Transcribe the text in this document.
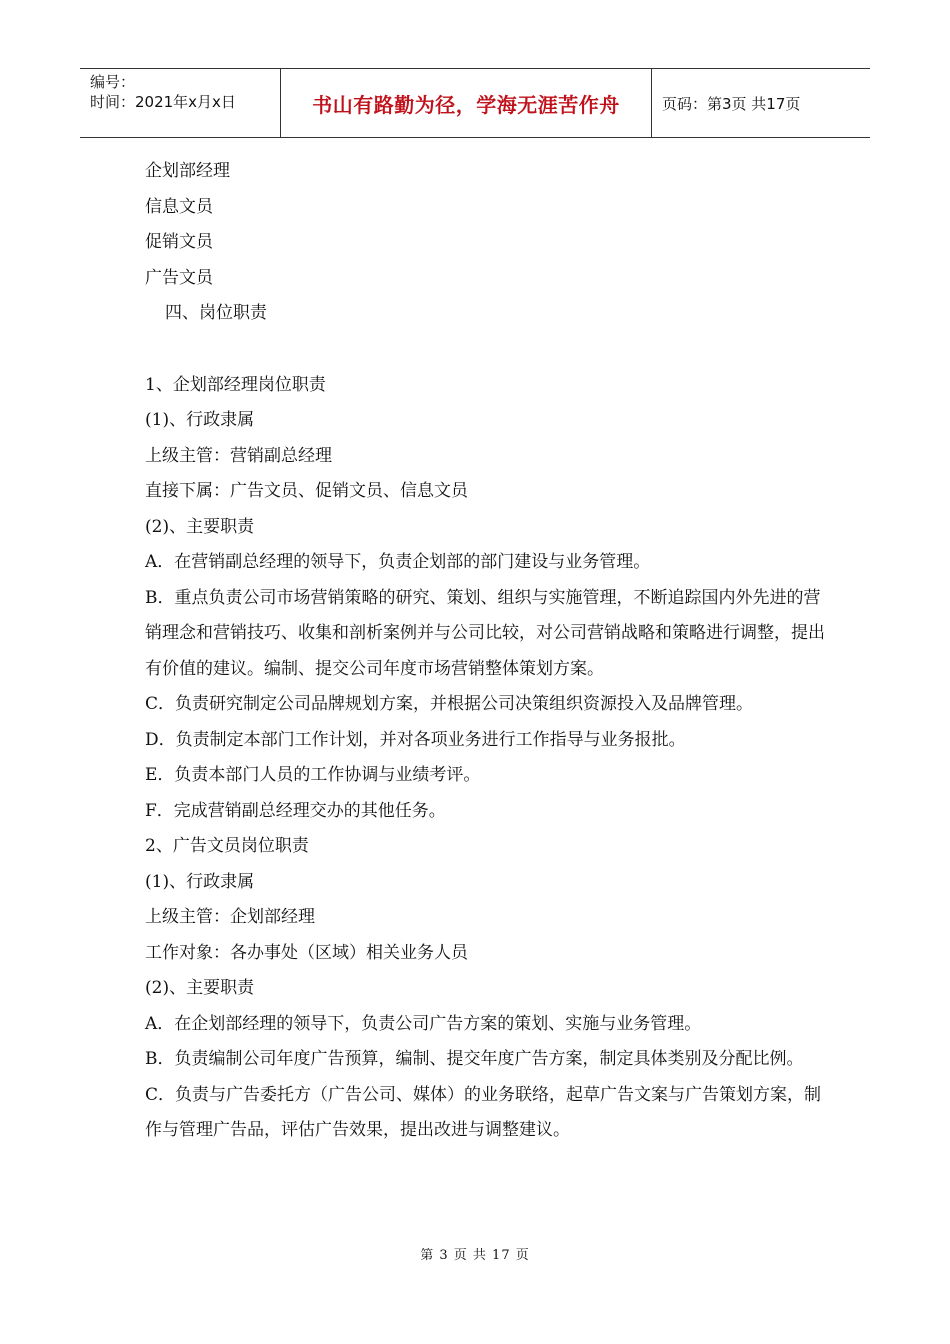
编号：
时间：2021年x月x日	书山有路勤为径，学海无涯苦作舟	页码：第3页 共17页
企划部经理
信息文员
促销文员
广告文员
四、岗位职责
1、企划部经理岗位职责
(1)、行政隶属
上级主管：营销副总经理
直接下属：广告文员、促销文员、信息文员
(2)、主要职责
A．在营销副总经理的领导下，负责企划部的部门建设与业务管理。
B．重点负责公司市场营销策略的研究、策划、组织与实施管理，不断追踪国内外先进的营销理念和营销技巧、收集和剖析案例并与公司比较，对公司营销战略和策略进行调整，提出有价值的建议。编制、提交公司年度市场营销整体策划方案。
C．负责研究制定公司品牌规划方案，并根据公司决策组织资源投入及品牌管理。
D．负责制定本部门工作计划，并对各项业务进行工作指导与业务报批。
E．负责本部门人员的工作协调与业绩考评。
F．完成营销副总经理交办的其他任务。
2、广告文员岗位职责
(1)、行政隶属
上级主管：企划部经理
工作对象：各办事处（区域）相关业务人员
(2)、主要职责
A．在企划部经理的领导下，负责公司广告方案的策划、实施与业务管理。
B．负责编制公司年度广告预算，编制、提交年度广告方案，制定具体类别及分配比例。
C．负责与广告委托方（广告公司、媒体）的业务联络，起草广告文案与广告策划方案，制作与管理广告品，评估广告效果，提出改进与调整建议。
第 3 页 共 17 页
